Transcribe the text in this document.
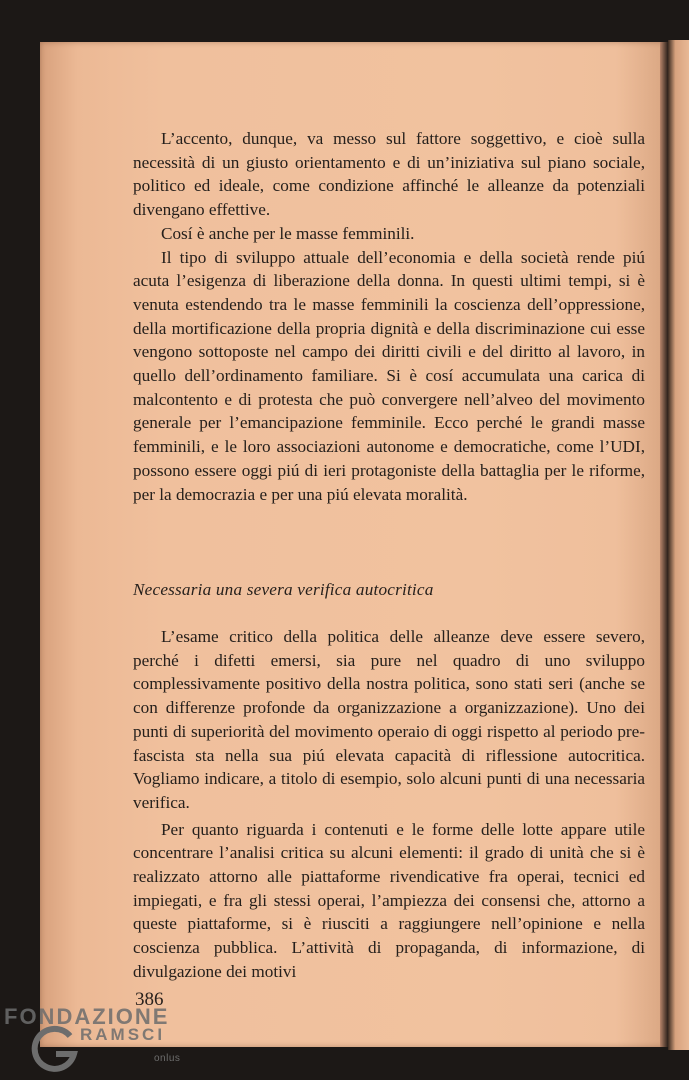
L’accento, dunque, va messo sul fattore soggettivo, e cioè sulla necessità di un giusto orientamento e di un’iniziativa sul piano sociale, politico ed ideale, come condizione affinché le alleanze da potenziali divengano effettive.

Cosí è anche per le masse femminili.

Il tipo di sviluppo attuale dell’economia e della società rende piú acuta l’esigenza di liberazione della donna. In questi ultimi tempi, si è venuta estendendo tra le masse femminili la coscienza dell’oppressione, della mortificazione della propria dignità e della discriminazione cui esse vengono sottoposte nel campo dei diritti civili e del diritto al lavoro, in quello dell’ordinamento familiare. Si è cosí accumulata una carica di malcontento e di protesta che può convergere nell’alveo del movimento generale per l’emancipazione femminile. Ecco perché le grandi masse femminili, e le loro associazioni autonome e democratiche, come l’UDI, possono essere oggi piú di ieri protagoniste della battaglia per le riforme, per la democrazia e per una piú elevata moralità.

Necessaria una severa verifica autocritica

L’esame critico della politica delle alleanze deve essere severo, perché i difetti emersi, sia pure nel quadro di uno sviluppo complessivamente positivo della nostra politica, sono stati seri (anche se con differenze profonde da organizzazione a organizzazione). Uno dei punti di superiorità del movimento operaio di oggi rispetto al periodo pre-fascista sta nella sua piú elevata capacità di riflessione autocritica. Vogliamo indicare, a titolo di esempio, solo alcuni punti di una necessaria verifica.

Per quanto riguarda i contenuti e le forme delle lotte appare utile concentrare l’analisi critica su alcuni elementi: il grado di unità che si è realizzato attorno alle piattaforme rivendicative fra operai, tecnici ed impiegati, e fra gli stessi operai, l’ampiezza dei consensi che, attorno a queste piattaforme, si è riusciti a raggiungere nell’opinione e nella coscienza pubblica. L’attività di propaganda, di informazione, di divulgazione dei motivi

386
FONDAZIONE
RAMSCI
onlus
